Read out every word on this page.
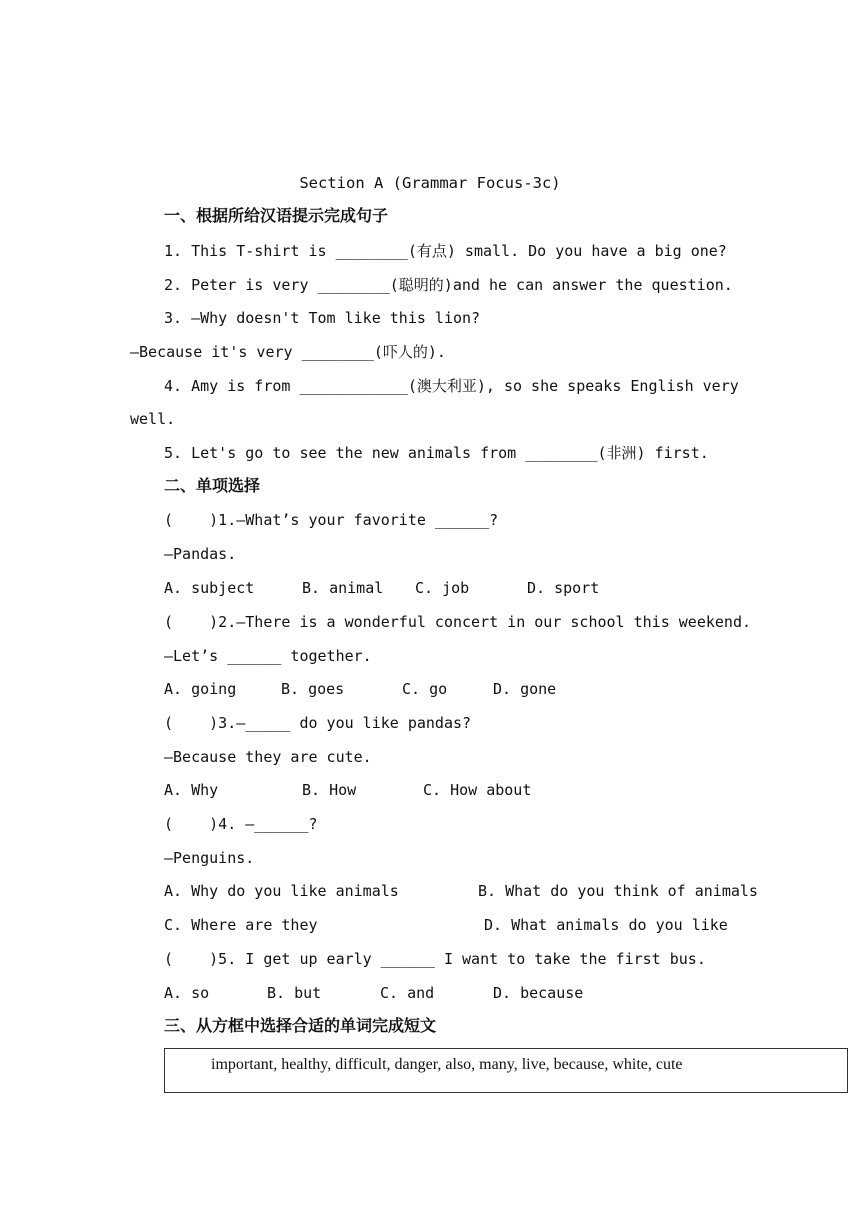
Section A (Grammar Focus-3c)
一、根据所给汉语提示完成句子
1. This T-shirt is ________(有点) small. Do you have a big one?
2. Peter is very ________(聪明的)and he can answer the question.
3. —Why doesn't Tom like this lion?
—Because it's very ________(吓人的).
4. Amy is from ____________(澳大利亚), so she speaks English very
well.
5. Let's go to see the new animals from ________(非洲) first.
二、单项选择
(    )1.—What’s your favorite ______?
—Pandas.
A. subject	B. animal C. job	D. sport
(    )2.—There is a wonderful concert in our school this weekend.
—Let’s ______ together.
A. going	B. goes	C. go	D. gone
(    )3.—_____ do you like pandas?
—Because they are cute.
A. Why	B. How	C. How about
(    )4. —______?
—Penguins.
A. Why do you like animals	B. What do you think of animals
C. Where are they	D. What animals do you like
(    )5. I get up early ______ I want to take the first bus.
A. so	B. but	C. and	D. because
三、从方框中选择合适的单词完成短文
important, healthy, difficult, danger, also, many, live, because, white, cute
